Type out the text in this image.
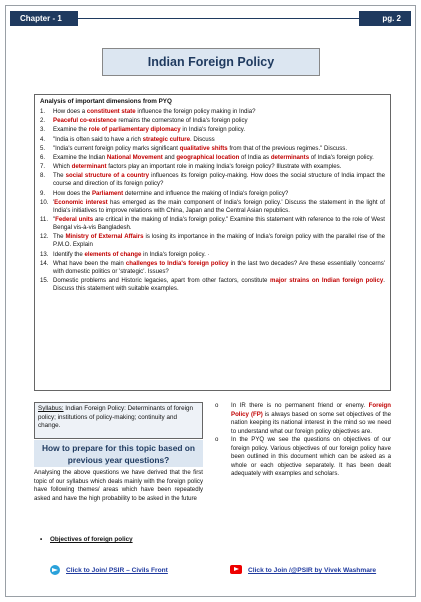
Chapter - 1	pg. 2
Indian Foreign Policy
Analysis of important dimensions from PYQ
1. How does a constituent state influence the foreign policy making in India?
2. Peaceful co-existence remains the cornerstone of India's foreign policy
3. Examine the role of parliamentary diplomacy in India's foreign policy.
4. "India is often said to have a rich strategic culture. Discuss
5. "India's current foreign policy marks significant qualitative shifts from that of the previous regimes." Discuss.
6. Examine the Indian National Movement and geographical location of India as determinants of India's foreign policy.
7. Which determinant factors play an important role in making India's foreign policy? Illustrate with examples.
8. The social structure of a country influences its foreign policy-making. How does the social structure of India impact the course and direction of its foreign policy?
9. How does the Parliament determine and influence the making of India's foreign policy?
10. 'Economic interest has emerged as the main component of India's foreign policy.' Discuss the statement in the light of India's initiatives to improve relations with China, Japan and the Central Asian republics.
11. "Federal units are critical in the making of India's foreign policy." Examine this statement with reference to the role of West Bengal vis-à-vis Bangladesh.
12. The Ministry of External Affairs is losing its importance in the making of India's foreign policy with the parallel rise of the P.M.O. Explain
13. Identify the elements of change in India's foreign policy. ·
14. What have been the main challenges to India's foreign policy in the last two decades? Are these essentially 'concerns' with domestic politics or 'strategic'. Issues?
15. Domestic problems and Historic legacies, apart from other factors, constitute major strains on Indian foreign policy. Discuss this statement with suitable examples.
Syllabus: Indian Foreign Policy: Determinants of foreign policy; institutions of policy-making; continuity and change.
How to prepare for this topic based on previous year questions?
Analysing the above questions we have derived that the first topic of our syllabus which deals mainly with the foreign policy have following themes/ areas which have been repeatedly asked and have the high probability to be asked in the future
• Objectives of foreign policy
o In IR there is no permanent friend or enemy. Foreign Policy (FP) is always based on some set objectives of the nation keeping its national interest in the mind so we need to understand what our foreign policy objectives are.
o In the PYQ we see the questions on objectives of our foreign policy. Various objectives of our foreign policy have been outlined in this document which can be asked as a whole or each objective separately. It has been dealt adequately with examples and scholars.
Click to Join/ PSIR – Civils Front	Click to Join /@PSIR by Vivek Washmare
